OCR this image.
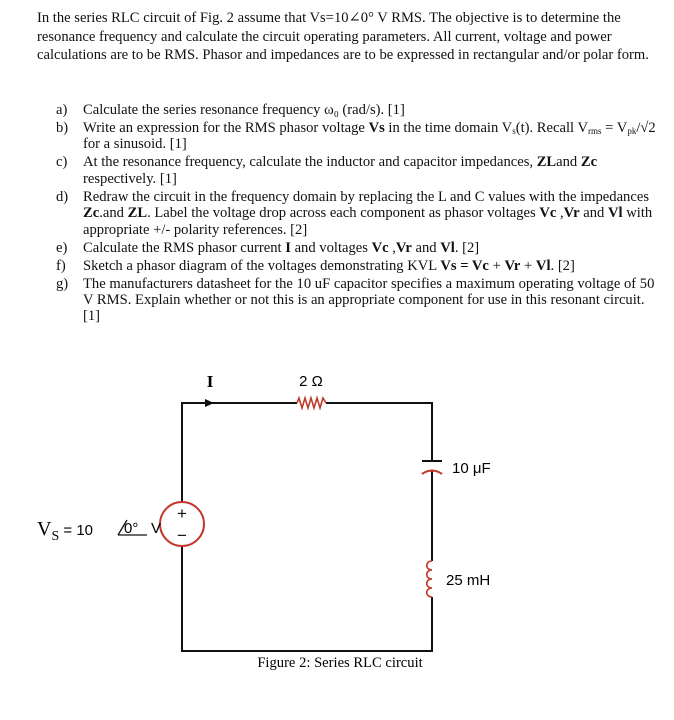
In the series RLC circuit of Fig. 2 assume that Vs=10∠0° V RMS. The objective is to determine the resonance frequency and calculate the circuit operating parameters. All current, voltage and power calculations are to be RMS. Phasor and impedances are to be expressed in rectangular and/or polar form.

a) Calculate the series resonance frequency ω₀ (rad/s). [1]
b) Write an expression for the RMS phasor voltage Vs in the time domain $V_s(t)$. Recall $V_{rms} = V_{pk}/√2$ for a sinusoid. [1]
c) At the resonance frequency, calculate the inductor and capacitor impedances, ZLand Zc respectively. [1]
d) Redraw the circuit in the frequency domain by replacing the L and C values with the impedances Zc.and ZL. Label the voltage drop across each component as phasor voltages Vc ,Vr and Vl with appropriate +/- polarity references. [2]
e) Calculate the RMS phasor current I and voltages Vc ,Vr and Vl. [2]
f) Sketch a phasor diagram of the voltages demonstrating KVL Vs = Vc + Vr + Vl. [2]
g) The manufacturers datasheet for the 10 uF capacitor specifies a maximum operating voltage of 50 V RMS. Explain whether or not this is an appropriate component for use in this resonant circuit. [1]
I	2 Ω
10 μF
25 mH
+
−
$V_S$ $^{= 10}$ 0° V
Figure 2: Series RLC circuit
